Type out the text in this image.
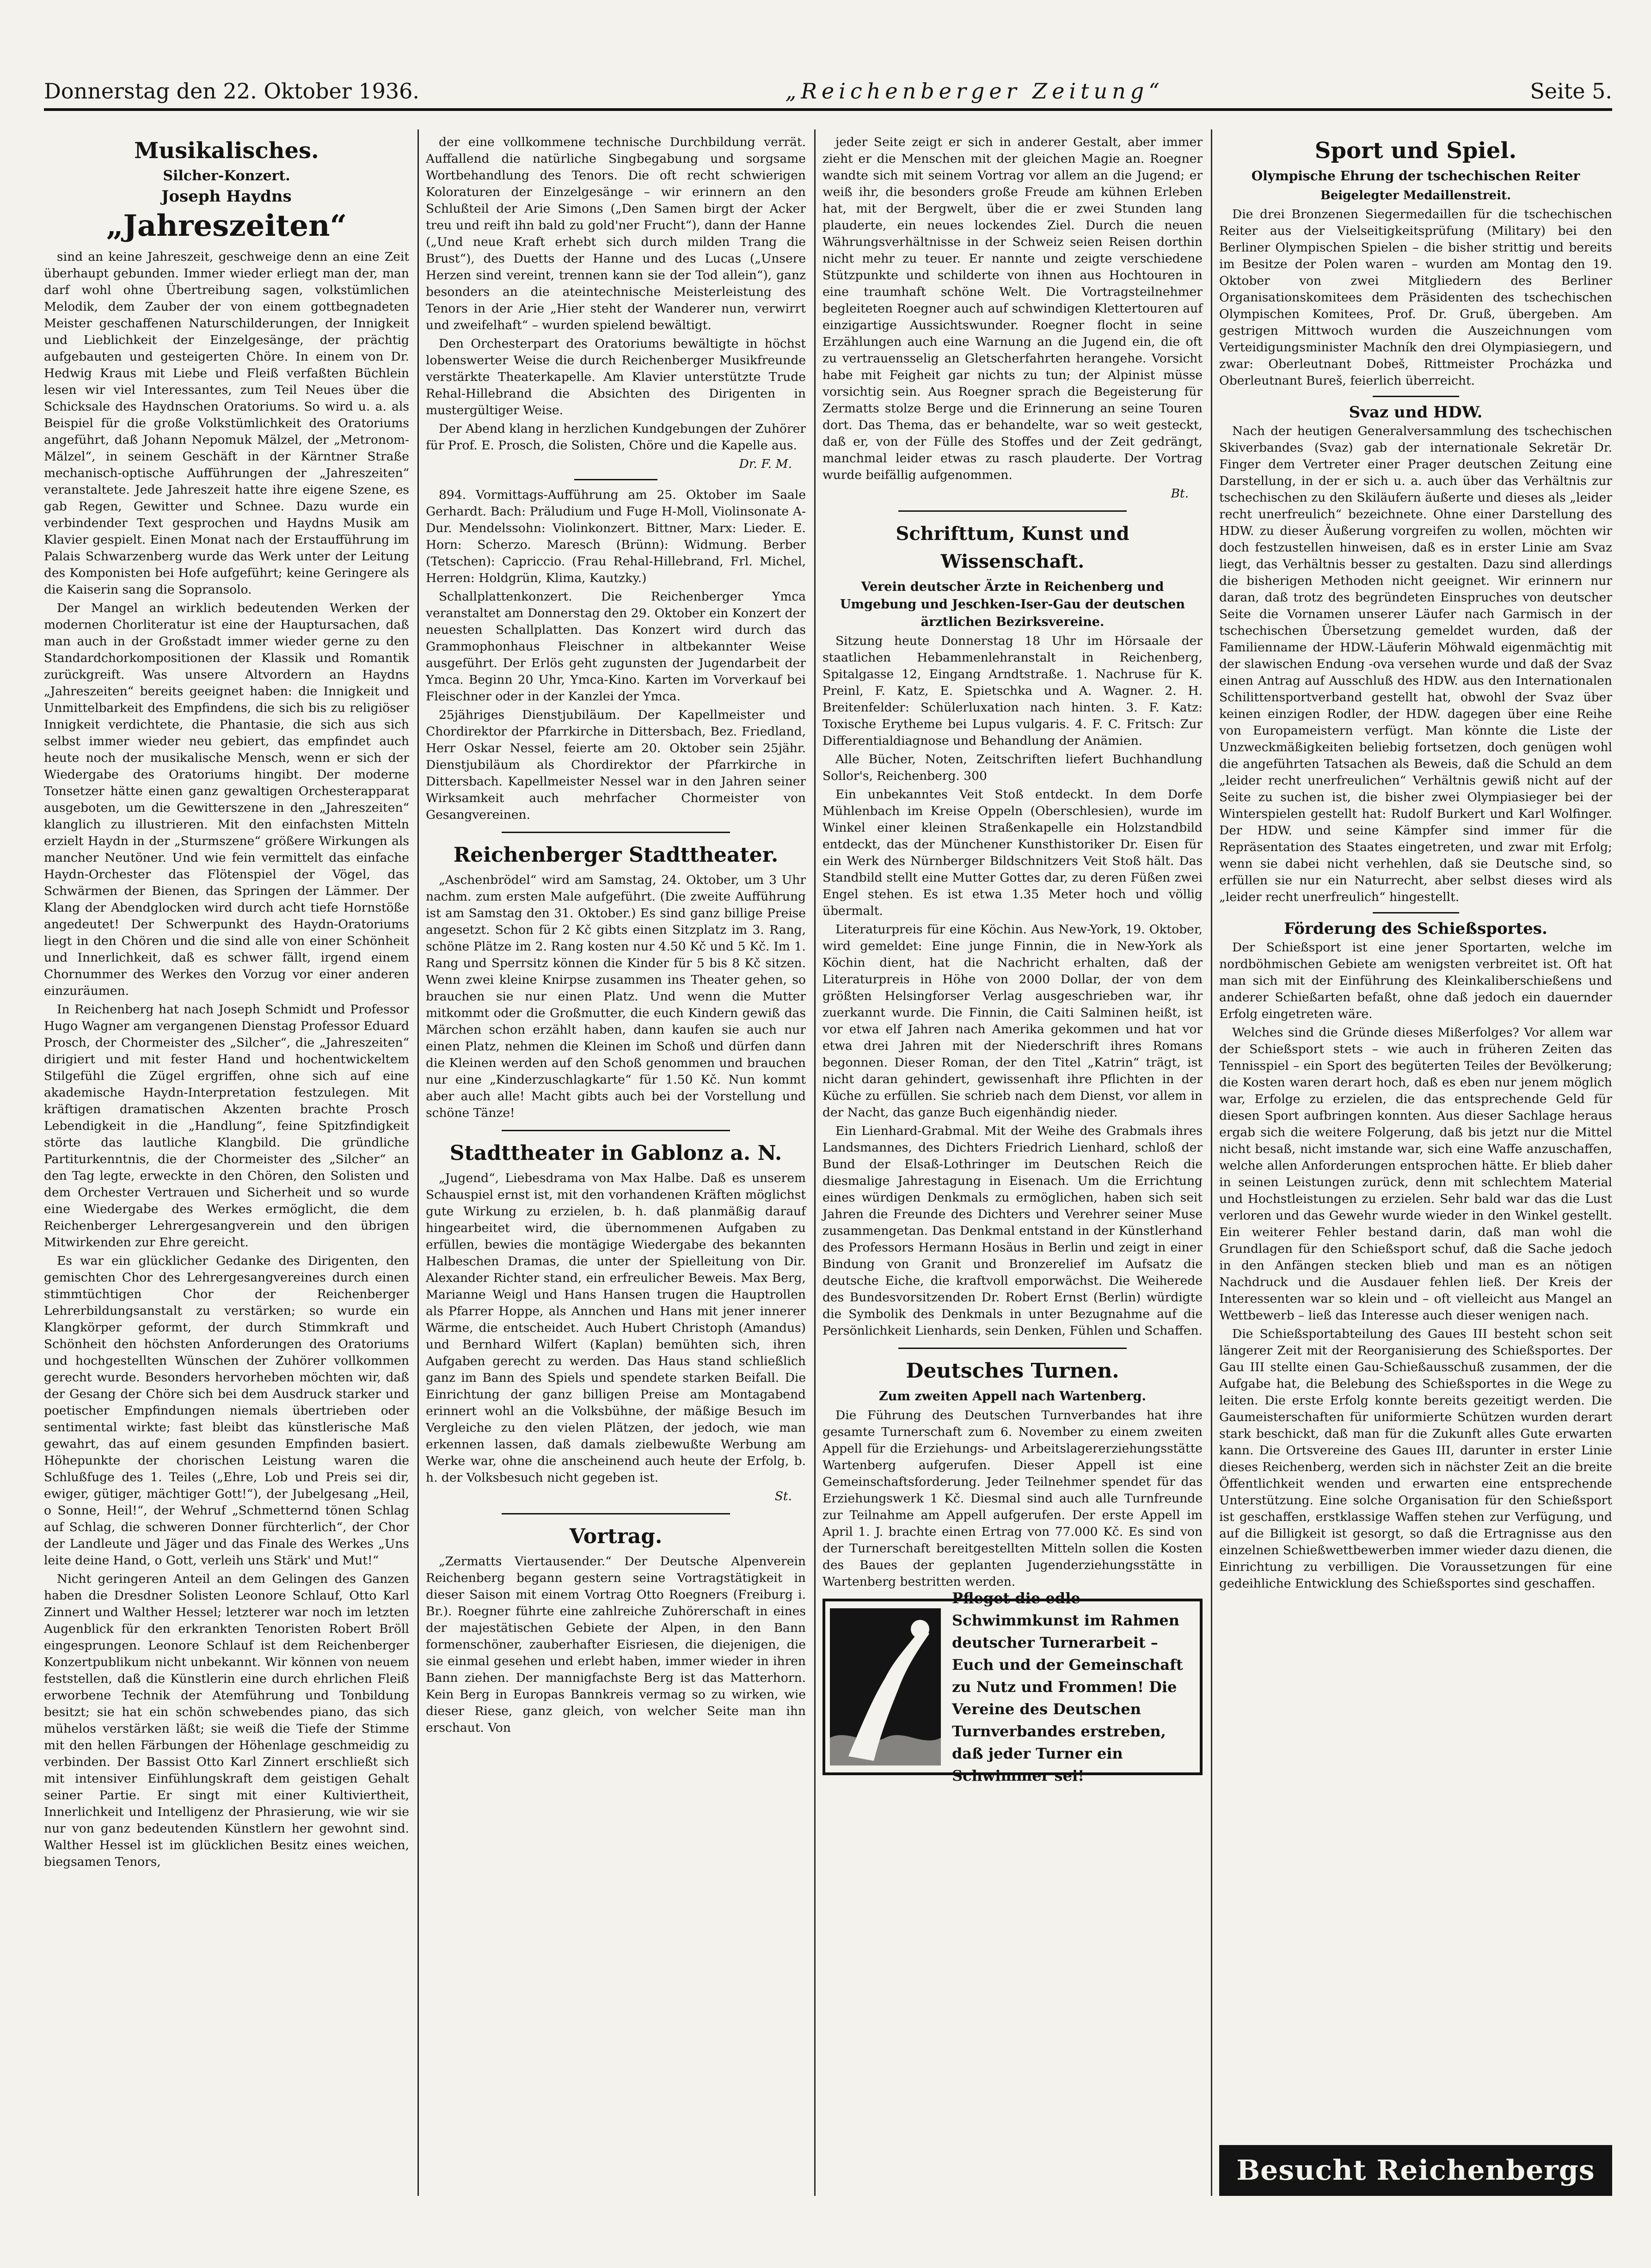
Donnerstag den 22. Oktober 1936.	„Reichenberger Zeitung“	Seite 5.
Musikalisches.
Silcher-Konzert.
Joseph Haydns
„Jahreszeiten“

sind an keine Jahreszeit, geschweige denn an eine Zeit überhaupt gebunden. Immer wieder erliegt man der, man darf wohl ohne Übertreibung sagen, volkstümlichen Melodik, dem Zauber der von einem gottbegnadeten Meister geschaffenen Naturschilderungen, der Innigkeit und Lieblichkeit der Einzelgesänge, der prächtig aufgebauten und gesteigerten Chöre. In einem von Dr. Hedwig Kraus mit Liebe und Fleiß verfaßten Büchlein lesen wir viel Interessantes, zum Teil Neues über die Schicksale des Haydnschen Oratoriums. So wird u. a. als Beispiel für die große Volkstümlichkeit des Oratoriums angeführt, daß Johann Nepomuk Mälzel, der „Metronom-Mälzel“, in seinem Geschäft in der Kärntner Straße mechanisch-optische Aufführungen der „Jahreszeiten“ veranstaltete. Jede Jahreszeit hatte ihre eigene Szene, es gab Regen, Gewitter und Schnee. Dazu wurde ein verbindender Text gesprochen und Haydns Musik am Klavier gespielt. Einen Monat nach der Erstaufführung im Palais Schwarzenberg wurde das Werk unter der Leitung des Komponisten bei Hofe aufgeführt; keine Geringere als die Kaiserin sang die Sopransolo.

Der Mangel an wirklich bedeutenden Werken der modernen Chorliteratur ist eine der Hauptursachen, daß man auch in der Großstadt immer wieder gerne zu den Standardchorkompositionen der Klassik und Romantik zurückgreift. Was unsere Altvordern an Haydns „Jahreszeiten“ bereits geeignet haben: die Innigkeit und Unmittelbarkeit des Empfindens, die sich bis zu religiöser Innigkeit verdichtete, die Phantasie, die sich aus sich selbst immer wieder neu gebiert, das empfindet auch heute noch der musikalische Mensch, wenn er sich der Wiedergabe des Oratoriums hingibt. Der moderne Tonsetzer hätte einen ganz gewaltigen Orchesterapparat ausgeboten, um die Gewitterszene in den „Jahreszeiten“ klanglich zu illustrieren. Mit den einfachsten Mitteln erzielt Haydn in der „Sturmszene“ größere Wirkungen als mancher Neutöner. Und wie fein vermittelt das einfache Haydn-Orchester das Flötenspiel der Vögel, das Schwärmen der Bienen, das Springen der Lämmer. Der Klang der Abendglocken wird durch acht tiefe Hornstöße angedeutet! Der Schwerpunkt des Haydn-Oratoriums liegt in den Chören und die sind alle von einer Schönheit und Innerlichkeit, daß es schwer fällt, irgend einem Chornummer des Werkes den Vorzug vor einer anderen einzuräumen.

In Reichenberg hat nach Joseph Schmidt und Professor Hugo Wagner am vergangenen Dienstag Professor Eduard Prosch, der Chormeister des „Silcher“, die „Jahreszeiten“ dirigiert und mit fester Hand und hochentwickeltem Stilgefühl die Zügel ergriffen, ohne sich auf eine akademische Haydn-Interpretation festzulegen. Mit kräftigen dramatischen Akzenten brachte Prosch Lebendigkeit in die „Handlung“, feine Spitzfindigkeit störte das lautliche Klangbild. Die gründliche Partiturkenntnis, die der Chormeister des „Silcher“ an den Tag legte, erweckte in den Chören, den Solisten und dem Orchester Vertrauen und Sicherheit und so wurde eine Wiedergabe des Werkes ermöglicht, die dem Reichenberger Lehrergesangverein und den übrigen Mitwirkenden zur Ehre gereicht.

Es war ein glücklicher Gedanke des Dirigenten, den gemischten Chor des Lehrergesangvereines durch einen stimmtüchtigen Chor der Reichenberger Lehrerbildungsanstalt zu verstärken; so wurde ein Klangkörper geformt, der durch Stimmkraft und Schönheit den höchsten Anforderungen des Oratoriums und hochgestellten Wünschen der Zuhörer vollkommen gerecht wurde. Besonders hervorheben möchten wir, daß der Gesang der Chöre sich bei dem Ausdruck starker und poetischer Empfindungen niemals übertrieben oder sentimental wirkte; fast bleibt das künstlerische Maß gewahrt, das auf einem gesunden Empfinden basiert. Höhepunkte der chorischen Leistung waren die Schlußfuge des 1. Teiles („Ehre, Lob und Preis sei dir, ewiger, gütiger, mächtiger Gott!“), der Jubelgesang „Heil, o Sonne, Heil!“, der Wehruf „Schmetternd tönen Schlag auf Schlag, die schweren Donner fürchterlich“, der Chor der Landleute und Jäger und das Finale des Werkes „Uns leite deine Hand, o Gott, verleih uns Stärk' und Mut!“

Nicht geringeren Anteil an dem Gelingen des Ganzen haben die Dresdner Solisten Leonore Schlauf, Otto Karl Zinnert und Walther Hessel; letzterer war noch im letzten Augenblick für den erkrankten Tenoristen Robert Bröll eingesprungen. Leonore Schlauf ist dem Reichenberger Konzertpublikum nicht unbekannt. Wir können von neuem feststellen, daß die Künstlerin eine durch ehrlichen Fleiß erworbene Technik der Atemführung und Tonbildung besitzt; sie hat ein schön schwebendes piano, das sich mühelos verstärken läßt; sie weiß die Tiefe der Stimme mit den hellen Färbungen der Höhenlage geschmeidig zu verbinden. Der Bassist Otto Karl Zinnert erschließt sich mit intensiver Einfühlungskraft dem geistigen Gehalt seiner Partie. Er singt mit einer Kultiviertheit, Innerlichkeit und Intelligenz der Phrasierung, wie wir sie nur von ganz bedeutenden Künstlern her gewohnt sind. Walther Hessel ist im glücklichen Besitz eines weichen, biegsamen Tenors,

der eine vollkommene technische Durchbildung verrät. Auffallend die natürliche Singbegabung und sorgsame Wortbehandlung des Tenors. Die oft recht schwierigen Koloraturen der Einzelgesänge – wir erinnern an den Schlußteil der Arie Simons („Den Samen birgt der Acker treu und reift ihn bald zu gold'ner Frucht“), dann der Hanne („Und neue Kraft erhebt sich durch milden Trang die Brust“), des Duetts der Hanne und des Lucas („Unsere Herzen sind vereint, trennen kann sie der Tod allein“), ganz besonders an die ateintechnische Meisterleistung des Tenors in der Arie „Hier steht der Wanderer nun, verwirrt und zweifelhaft“ – wurden spielend bewältigt.

Den Orchesterpart des Oratoriums bewältigte in höchst lobenswerter Weise die durch Reichenberger Musikfreunde verstärkte Theaterkapelle. Am Klavier unterstützte Trude Rehal-Hillebrand die Absichten des Dirigenten in mustergültiger Weise.

Der Abend klang in herzlichen Kundgebungen der Zuhörer für Prof. E. Prosch, die Solisten, Chöre und die Kapelle aus.

Dr. F. M.

894. Vormittags-Aufführung am 25. Oktober im Saale Gerhardt. Bach: Präludium und Fuge H-Moll, Violinsonate A-Dur. Mendelssohn: Violinkonzert. Bittner, Marx: Lieder. E. Horn: Scherzo. Maresch (Brünn): Widmung. Berber (Tetschen): Capriccio. (Frau Rehal-Hillebrand, Frl. Michel, Herren: Holdgrün, Klima, Kautzky.)

Schallplattenkonzert. Die Reichenberger Ymca veranstaltet am Donnerstag den 29. Oktober ein Konzert der neuesten Schallplatten. Das Konzert wird durch das Grammophonhaus Fleischner in altbekannter Weise ausgeführt. Der Erlös geht zugunsten der Jugendarbeit der Ymca. Beginn 20 Uhr, Ymca-Kino. Karten im Vorverkauf bei Fleischner oder in der Kanzlei der Ymca.

25jähriges Dienstjubiläum. Der Kapellmeister und Chordirektor der Pfarrkirche in Dittersbach, Bez. Friedland, Herr Oskar Nessel, feierte am 20. Oktober sein 25jähr. Dienstjubiläum als Chordirektor der Pfarrkirche in Dittersbach. Kapellmeister Nessel war in den Jahren seiner Wirksamkeit auch mehrfacher Chormeister von Gesangvereinen.

Reichenberger Stadttheater.

„Aschenbrödel“ wird am Samstag, 24. Oktober, um 3 Uhr nachm. zum ersten Male aufgeführt. (Die zweite Aufführung ist am Samstag den 31. Oktober.) Es sind ganz billige Preise angesetzt. Schon für 2 Kč gibts einen Sitzplatz im 3. Rang, schöne Plätze im 2. Rang kosten nur 4.50 Kč und 5 Kč. Im 1. Rang und Sperrsitz können die Kinder für 5 bis 8 Kč sitzen. Wenn zwei kleine Knirpse zusammen ins Theater gehen, so brauchen sie nur einen Platz. Und wenn die Mutter mitkommt oder die Großmutter, die euch Kindern gewiß das Märchen schon erzählt haben, dann kaufen sie auch nur einen Platz, nehmen die Kleinen im Schoß und dürfen dann die Kleinen werden auf den Schoß genommen und brauchen nur eine „Kinderzuschlagkarte“ für 1.50 Kč. Nun kommt aber auch alle! Macht gibts auch bei der Vorstellung und schöne Tänze!

Stadttheater in Gablonz a. N.

„Jugend“, Liebesdrama von Max Halbe. Daß es unserem Schauspiel ernst ist, mit den vorhandenen Kräften möglichst gute Wirkung zu erzielen, b. h. daß planmäßig darauf hingearbeitet wird, die übernommenen Aufgaben zu erfüllen, bewies die montägige Wiedergabe des bekannten Halbeschen Dramas, die unter der Spielleitung von Dir. Alexander Richter stand, ein erfreulicher Beweis. Max Berg, Marianne Weigl und Hans Hansen trugen die Hauptrollen als Pfarrer Hoppe, als Annchen und Hans mit jener innerer Wärme, die entscheidet. Auch Hubert Christoph (Amandus) und Bernhard Wilfert (Kaplan) bemühten sich, ihren Aufgaben gerecht zu werden. Das Haus stand schließlich ganz im Bann des Spiels und spendete starken Beifall. Die Einrichtung der ganz billigen Preise am Montagabend erinnert wohl an die Volksbühne, der mäßige Besuch im Vergleiche zu den vielen Plätzen, der jedoch, wie man erkennen lassen, daß damals zielbewußte Werbung am Werke war, ohne die anscheinend auch heute der Erfolg, b. h. der Volksbesuch nicht gegeben ist.

St.
Vortrag.

„Zermatts Viertausender.“ Der Deutsche Alpenverein Reichenberg begann gestern seine Vortragstätigkeit in dieser Saison mit einem Vortrag Otto Roegners (Freiburg i. Br.). Roegner führte eine zahlreiche Zuhörerschaft in eines der majestätischen Gebiete der Alpen, in den Bann formenschöner, zauberhafter Eisriesen, die diejenigen, die sie einmal gesehen und erlebt haben, immer wieder in ihren Bann ziehen. Der mannigfachste Berg ist das Matterhorn. Kein Berg in Europas Bannkreis vermag so zu wirken, wie dieser Riese, ganz gleich, von welcher Seite man ihn erschaut. Von

jeder Seite zeigt er sich in anderer Gestalt, aber immer zieht er die Menschen mit der gleichen Magie an. Roegner wandte sich mit seinem Vortrag vor allem an die Jugend; er weiß ihr, die besonders große Freude am kühnen Erleben hat, mit der Bergwelt, über die er zwei Stunden lang plauderte, ein neues lockendes Ziel. Durch die neuen Währungsverhältnisse in der Schweiz seien Reisen dorthin nicht mehr zu teuer. Er nannte und zeigte verschiedene Stützpunkte und schilderte von ihnen aus Hochtouren in eine traumhaft schöne Welt. Die Vortragsteilnehmer begleiteten Roegner auch auf schwindigen Klettertouren auf einzigartige Aussichtswunder. Roegner flocht in seine Erzählungen auch eine Warnung an die Jugend ein, die oft zu vertrauensselig an Gletscherfahrten herangehe. Vorsicht habe mit Feigheit gar nichts zu tun; der Alpinist müsse vorsichtig sein. Aus Roegner sprach die Begeisterung für Zermatts stolze Berge und die Erinnerung an seine Touren dort. Das Thema, das er behandelte, war so weit gesteckt, daß er, von der Fülle des Stoffes und der Zeit gedrängt, manchmal leider etwas zu rasch plauderte. Der Vortrag wurde beifällig aufgenommen.

Bt.
Schrifttum, Kunst und Wissenschaft.
Verein deutscher Ärzte in Reichenberg und Umgebung und Jeschken-Iser-Gau der deutschen ärztlichen Bezirksvereine.

Sitzung heute Donnerstag 18 Uhr im Hörsaale der staatlichen Hebammenlehranstalt in Reichenberg, Spitalgasse 12, Eingang Arndtstraße. 1. Nachruse für K. Preinl, F. Katz, E. Spietschka und A. Wagner. 2. H. Breitenfelder: Schülerluxation nach hinten. 3. F. Katz: Toxische Erytheme bei Lupus vulgaris. 4. F. C. Fritsch: Zur Differentialdiagnose und Behandlung der Anämien.

Alle Bücher, Noten, Zeitschriften liefert Buchhandlung Sollor's, Reichenberg. 300

Ein unbekanntes Veit Stoß entdeckt. In dem Dorfe Mühlenbach im Kreise Oppeln (Oberschlesien), wurde im Winkel einer kleinen Straßenkapelle ein Holzstandbild entdeckt, das der Münchener Kunsthistoriker Dr. Eisen für ein Werk des Nürnberger Bildschnitzers Veit Stoß hält. Das Standbild stellt eine Mutter Gottes dar, zu deren Füßen zwei Engel stehen. Es ist etwa 1.35 Meter hoch und völlig übermalt.

Literaturpreis für eine Köchin. Aus New-York, 19. Oktober, wird gemeldet: Eine junge Finnin, die in New-York als Köchin dient, hat die Nachricht erhalten, daß der Literaturpreis in Höhe von 2000 Dollar, der von dem größten Helsingforser Verlag ausgeschrieben war, ihr zuerkannt wurde. Die Finnin, die Caiti Salminen heißt, ist vor etwa elf Jahren nach Amerika gekommen und hat vor etwa drei Jahren mit der Niederschrift ihres Romans begonnen. Dieser Roman, der den Titel „Katrin“ trägt, ist nicht daran gehindert, gewissenhaft ihre Pflichten in der Küche zu erfüllen. Sie schrieb nach dem Dienst, vor allem in der Nacht, das ganze Buch eigenhändig nieder.

Ein Lienhard-Grabmal. Mit der Weihe des Grabmals ihres Landsmannes, des Dichters Friedrich Lienhard, schloß der Bund der Elsaß-Lothringer im Deutschen Reich die diesmalige Jahrestagung in Eisenach. Um die Errichtung eines würdigen Denkmals zu ermöglichen, haben sich seit Jahren die Freunde des Dichters und Verehrer seiner Muse zusammengetan. Das Denkmal entstand in der Künstlerhand des Professors Hermann Hosäus in Berlin und zeigt in einer Bindung von Granit und Bronzerelief im Aufsatz die deutsche Eiche, die kraftvoll emporwächst. Die Weiherede des Bundesvorsitzenden Dr. Robert Ernst (Berlin) würdigte die Symbolik des Denkmals in unter Bezugnahme auf die Persönlichkeit Lienhards, sein Denken, Fühlen und Schaffen.

Deutsches Turnen.
Zum zweiten Appell nach Wartenberg.

Die Führung des Deutschen Turnverbandes hat ihre gesamte Turnerschaft zum 6. November zu einem zweiten Appell für die Erziehungs- und Arbeitslagererziehungsstätte Wartenberg aufgerufen. Dieser Appell ist eine Gemeinschaftsforderung. Jeder Teilnehmer spendet für das Erziehungswerk 1 Kč. Diesmal sind auch alle Turnfreunde zur Teilnahme am Appell aufgerufen. Der erste Appell im April 1. J. brachte einen Ertrag von 77.000 Kč. Es sind von der Turnerschaft bereitgestellten Mitteln sollen die Kosten des Baues der geplanten Jugenderziehungsstätte in Wartenberg bestritten werden.

Pfleget die edle Schwimmkunst im Rahmen deutscher Turnerarbeit – Euch und der Gemeinschaft zu Nutz und Frommen! Die Vereine des Deutschen Turnverbandes erstreben, daß jeder Turner ein Schwimmer sei!
Sport und Spiel.
Olympische Ehrung der tschechischen Reiter
Beigelegter Medaillenstreit.

Die drei Bronzenen Siegermedaillen für die tschechischen Reiter aus der Vielseitigkeitsprüfung (Military) bei den Berliner Olympischen Spielen – die bisher strittig und bereits im Besitze der Polen waren – wurden am Montag den 19. Oktober von zwei Mitgliedern des Berliner Organisationskomitees dem Präsidenten des tschechischen Olympischen Komitees, Prof. Dr. Gruß, übergeben. Am gestrigen Mittwoch wurden die Auszeichnungen vom Verteidigungsminister Machník den drei Olympiasiegern, und zwar: Oberleutnant Dobeš, Rittmeister Procházka und Oberleutnant Bureš, feierlich überreicht.

Svaz und HDW.

Nach der heutigen Generalversammlung des tschechischen Skiverbandes (Svaz) gab der internationale Sekretär Dr. Finger dem Vertreter einer Prager deutschen Zeitung eine Darstellung, in der er sich u. a. auch über das Verhältnis zur tschechischen zu den Skiläufern äußerte und dieses als „leider recht unerfreulich“ bezeichnete. Ohne einer Darstellung des HDW. zu dieser Äußerung vorgreifen zu wollen, möchten wir doch festzustellen hinweisen, daß es in erster Linie am Svaz liegt, das Verhältnis besser zu gestalten. Dazu sind allerdings die bisherigen Methoden nicht geeignet. Wir erinnern nur daran, daß trotz des begründeten Einspruches von deutscher Seite die Vornamen unserer Läufer nach Garmisch in der tschechischen Übersetzung gemeldet wurden, daß der Familienname der HDW.-Läuferin Möhwald eigenmächtig mit der slawischen Endung -ova versehen wurde und daß der Svaz einen Antrag auf Ausschluß des HDW. aus den Internationalen Schilittensportverband gestellt hat, obwohl der Svaz über keinen einzigen Rodler, der HDW. dagegen über eine Reihe von Europameistern verfügt. Man könnte die Liste der Unzweckmäßigkeiten beliebig fortsetzen, doch genügen wohl die angeführten Tatsachen als Beweis, daß die Schuld an dem „leider recht unerfreulichen“ Verhältnis gewiß nicht auf der Seite zu suchen ist, die bisher zwei Olympiasieger bei der Winterspielen gestellt hat: Rudolf Burkert und Karl Wolfinger. Der HDW. und seine Kämpfer sind immer für die Repräsentation des Staates eingetreten, und zwar mit Erfolg; wenn sie dabei nicht verhehlen, daß sie Deutsche sind, so erfüllen sie nur ein Naturrecht, aber selbst dieses wird als „leider recht unerfreulich“ hingestellt.

Förderung des Schießsportes.

Der Schießsport ist eine jener Sportarten, welche im nordböhmischen Gebiete am wenigsten verbreitet ist. Oft hat man sich mit der Einführung des Kleinkaliberschießens und anderer Schießarten befaßt, ohne daß jedoch ein dauernder Erfolg eingetreten wäre.

Welches sind die Gründe dieses Mißerfolges? Vor allem war der Schießsport stets – wie auch in früheren Zeiten das Tennisspiel – ein Sport des begüterten Teiles der Bevölkerung; die Kosten waren derart hoch, daß es eben nur jenem möglich war, Erfolge zu erzielen, die das entsprechende Geld für diesen Sport aufbringen konnten. Aus dieser Sachlage heraus ergab sich die weitere Folgerung, daß bis jetzt nur die Mittel nicht besaß, nicht imstande war, sich eine Waffe anzuschaffen, welche allen Anforderungen entsprochen hätte. Er blieb daher in seinen Leistungen zurück, denn mit schlechtem Material und Hochstleistungen zu erzielen. Sehr bald war das die Lust verloren und das Gewehr wurde wieder in den Winkel gestellt. Ein weiterer Fehler bestand darin, daß man wohl die Grundlagen für den Schießsport schuf, daß die Sache jedoch in den Anfängen stecken blieb und man es an nötigen Nachdruck und die Ausdauer fehlen ließ. Der Kreis der Interessenten war so klein und – oft vielleicht aus Mangel an Wettbewerb – ließ das Interesse auch dieser wenigen nach.

Die Schießsportabteilung des Gaues III besteht schon seit längerer Zeit mit der Reorganisierung des Schießsportes. Der Gau III stellte einen Gau-Schießausschuß zusammen, der die Aufgabe hat, die Belebung des Schießsportes in die Wege zu leiten. Die erste Erfolg konnte bereits gezeitigt werden. Die Gaumeisterschaften für uniformierte Schützen wurden derart stark beschickt, daß man für die Zukunft alles Gute erwarten kann. Die Ortsvereine des Gaues III, darunter in erster Linie dieses Reichenberg, werden sich in nächster Zeit an die breite Öffentlichkeit wenden und erwarten eine entsprechende Unterstützung. Eine solche Organisation für den Schießsport ist geschaffen, erstklassige Waffen stehen zur Verfügung, und auf die Billigkeit ist gesorgt, so daß die Ertragnisse aus den einzelnen Schießwettbewerben immer wieder dazu dienen, die Einrichtung zu verbilligen. Die Voraussetzungen für eine gedeihliche Entwicklung des Schießsportes sind geschaffen.

Besucht Reichenbergs Tiergarten!
